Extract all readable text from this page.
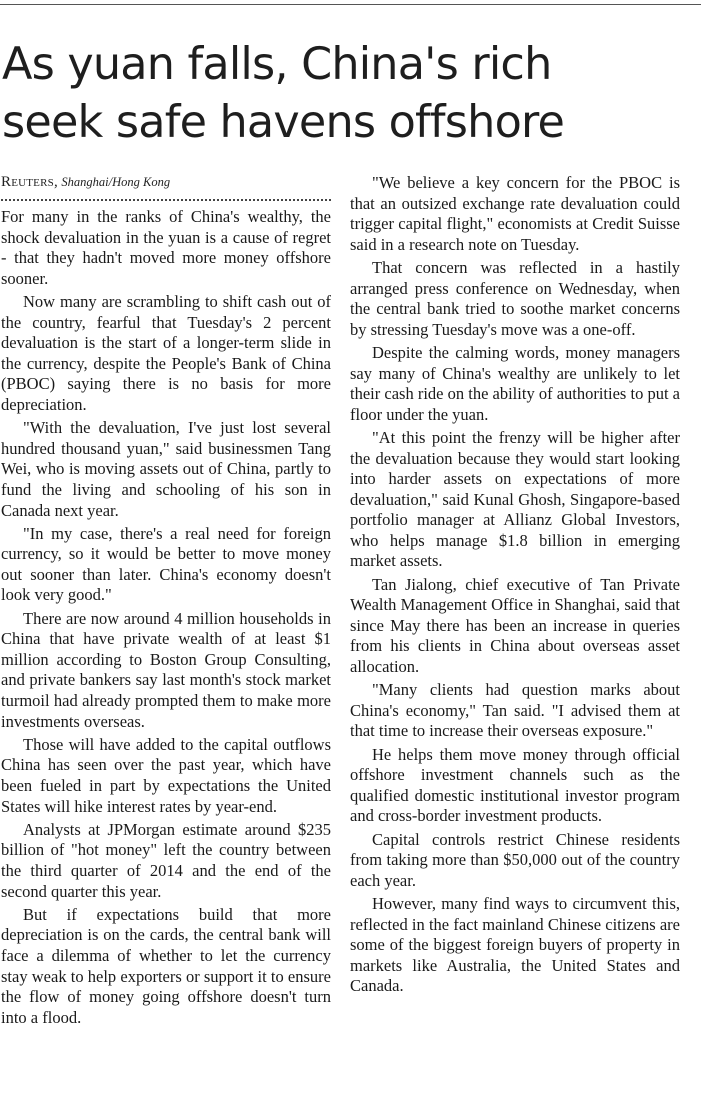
As yuan falls, China's rich
seek safe havens offshore

Reuters, Shanghai/Hong Kong

For many in the ranks of China's wealthy, the shock devaluation in the yuan is a cause of regret - that they hadn't moved more money offshore sooner.

Now many are scrambling to shift cash out of the country, fearful that Tuesday's 2 percent devaluation is the start of a longer-term slide in the currency, despite the People's Bank of China (PBOC) saying there is no basis for more depreciation.

"With the devaluation, I've just lost several hundred thousand yuan," said businessmen Tang Wei, who is moving assets out of China, partly to fund the living and schooling of his son in Canada next year.

"In my case, there's a real need for foreign currency, so it would be better to move money out sooner than later. China's economy doesn't look very good."

There are now around 4 million households in China that have private wealth of at least $1 million according to Boston Group Consulting, and private bankers say last month's stock market turmoil had already prompted them to make more investments overseas.

Those will have added to the capital outflows China has seen over the past year, which have been fueled in part by expectations the United States will hike interest rates by year-end.

Analysts at JPMorgan estimate around $235 billion of "hot money" left the country between the third quarter of 2014 and the end of the second quarter this year.

But if expectations build that more depreciation is on the cards, the central bank will face a dilemma of whether to let the currency stay weak to help exporters or support it to ensure the flow of money going offshore doesn't turn into a flood.

"We believe a key concern for the PBOC is that an outsized exchange rate devaluation could trigger capital flight," economists at Credit Suisse said in a research note on Tuesday.

That concern was reflected in a hastily arranged press conference on Wednesday, when the central bank tried to soothe market concerns by stressing Tuesday's move was a one-off.

Despite the calming words, money managers say many of China's wealthy are unlikely to let their cash ride on the ability of authorities to put a floor under the yuan.

"At this point the frenzy will be higher after the devaluation because they would start looking into harder assets on expectations of more devaluation," said Kunal Ghosh, Singapore-based portfolio manager at Allianz Global Investors, who helps manage $1.8 billion in emerging market assets.

Tan Jialong, chief executive of Tan Private Wealth Management Office in Shanghai, said that since May there has been an increase in queries from his clients in China about overseas asset allocation.

"Many clients had question marks about China's economy," Tan said. "I advised them at that time to increase their overseas exposure."

He helps them move money through official offshore investment channels such as the qualified domestic institutional investor program and cross-border investment products.

Capital controls restrict Chinese residents from taking more than $50,000 out of the country each year.

However, many find ways to circumvent this, reflected in the fact mainland Chinese citizens are some of the biggest foreign buyers of property in markets like Australia, the United States and Canada.
